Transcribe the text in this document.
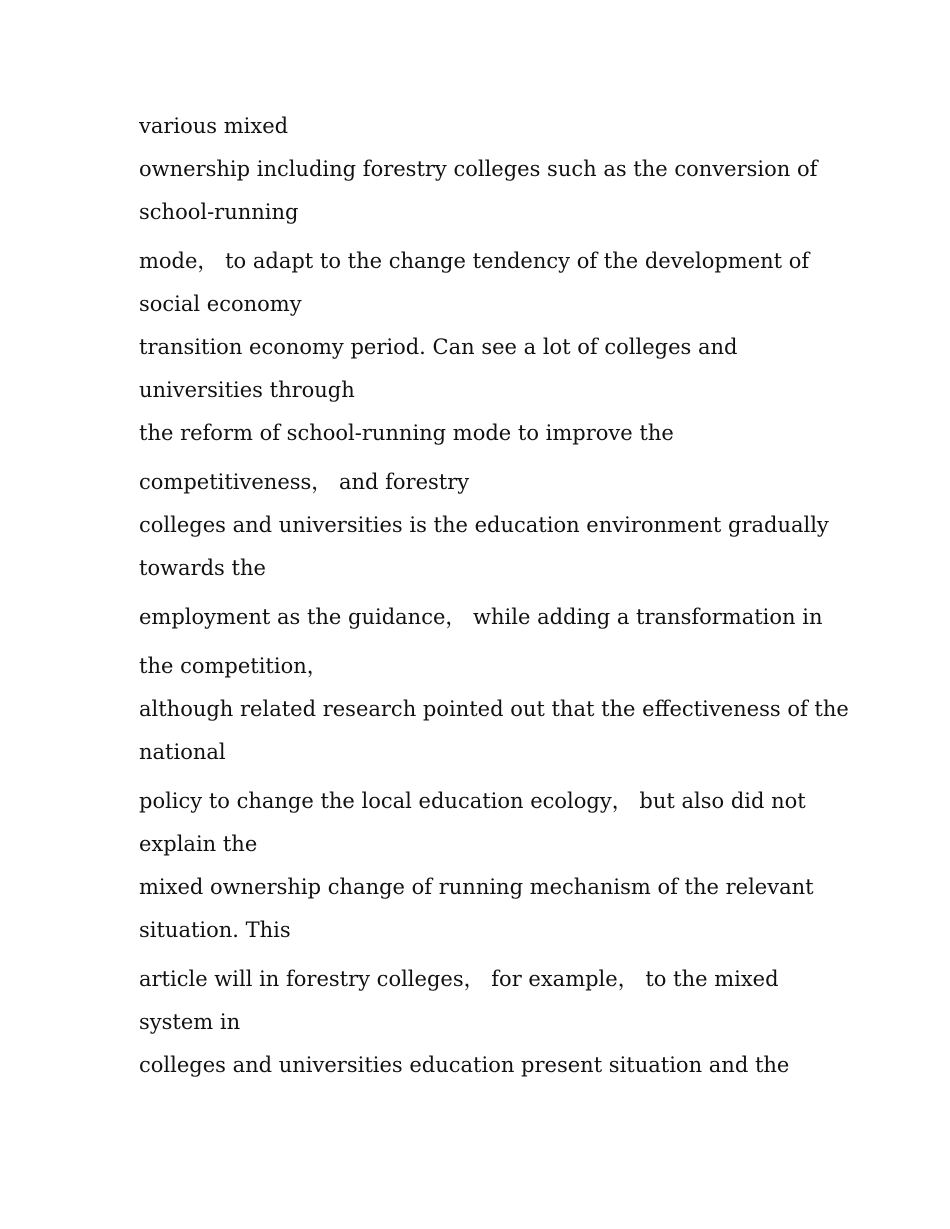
various mixed
ownership including forestry colleges such as the conversion of
school-running
mode， to adapt to the change tendency of the development of
social economy
transition economy period. Can see a lot of colleges and
universities through
the reform of school-running mode to improve the
competitiveness， and forestry
colleges and universities is the education environment gradually
towards the
employment as the guidance， while adding a transformation in
the competition，
although related research pointed out that the effectiveness of the
national
policy to change the local education ecology， but also did not
explain the
mixed ownership change of running mechanism of the relevant
situation. This
article will in forestry colleges， for example， to the mixed
system in
colleges and universities education present situation and the
